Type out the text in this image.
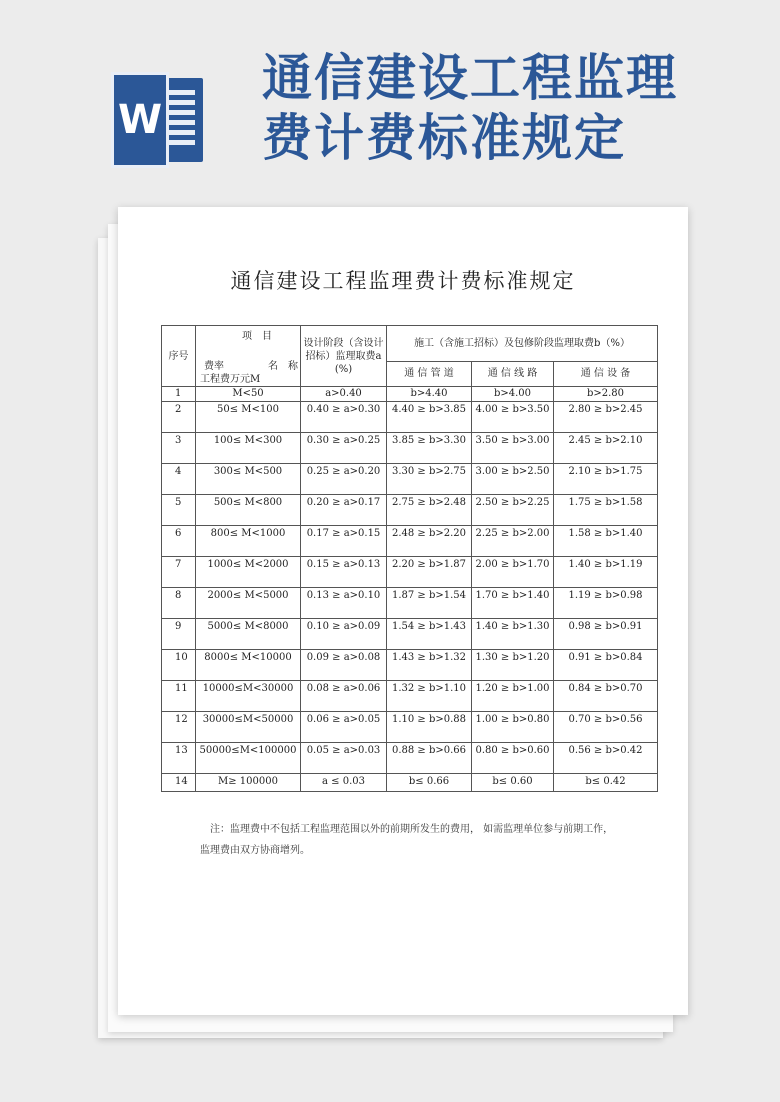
W
通信建设工程监理
费计费标准规定
通信建设工程监理费计费标准规定
序号	项　目
费率 名　称
工程费万元M	设计阶段（含设计招标）监理取费a(%)	施工（含施工招标）及包修阶段监理取费b（%）		
			通 信 管 道	通 信 线 路	通 信 设 备
1	M<50	a>0.40	b>4.40	b>4.00	b>2.80
2	50≤ M<100	0.40 ≥ a>0.30	4.40 ≥ b>3.85	4.00 ≥ b>3.50	2.80 ≥ b>2.45
3	100≤ M<300	0.30 ≥ a>0.25	3.85 ≥ b>3.30	3.50 ≥ b>3.00	2.45 ≥ b>2.10
4	300≤ M<500	0.25 ≥ a>0.20	3.30 ≥ b>2.75	3.00 ≥ b>2.50	2.10 ≥ b>1.75
5	500≤ M<800	0.20 ≥ a>0.17	2.75 ≥ b>2.48	2.50 ≥ b>2.25	1.75 ≥ b>1.58
6	800≤ M<1000	0.17 ≥ a>0.15	2.48 ≥ b>2.20	2.25 ≥ b>2.00	1.58 ≥ b>1.40
7	1000≤ M<2000	0.15 ≥ a>0.13	2.20 ≥ b>1.87	2.00 ≥ b>1.70	1.40 ≥ b>1.19
8	2000≤ M<5000	0.13 ≥ a>0.10	1.87 ≥ b>1.54	1.70 ≥ b>1.40	1.19 ≥ b>0.98
9	5000≤ M<8000	0.10 ≥ a>0.09	1.54 ≥ b>1.43	1.40 ≥ b>1.30	0.98 ≥ b>0.91
10	8000≤ M<10000	0.09 ≥ a>0.08	1.43 ≥ b>1.32	1.30 ≥ b>1.20	0.91 ≥ b>0.84
11	10000≤M<30000	0.08 ≥ a>0.06	1.32 ≥ b>1.10	1.20 ≥ b>1.00	0.84 ≥ b>0.70
12	30000≤M<50000	0.06 ≥ a>0.05	1.10 ≥ b>0.88	1.00 ≥ b>0.80	0.70 ≥ b>0.56
13	50000≤M<100000	0.05 ≥ a>0.03	0.88 ≥ b>0.66	0.80 ≥ b>0.60	0.56 ≥ b>0.42
14	M≥ 100000	a ≤ 0.03	b≤ 0.66	b≤ 0.60	b≤ 0.42
注：监理费中不包括工程监理范围以外的前期所发生的费用， 如需监理单位参与前期工作，
监理费由双方协商增列。
